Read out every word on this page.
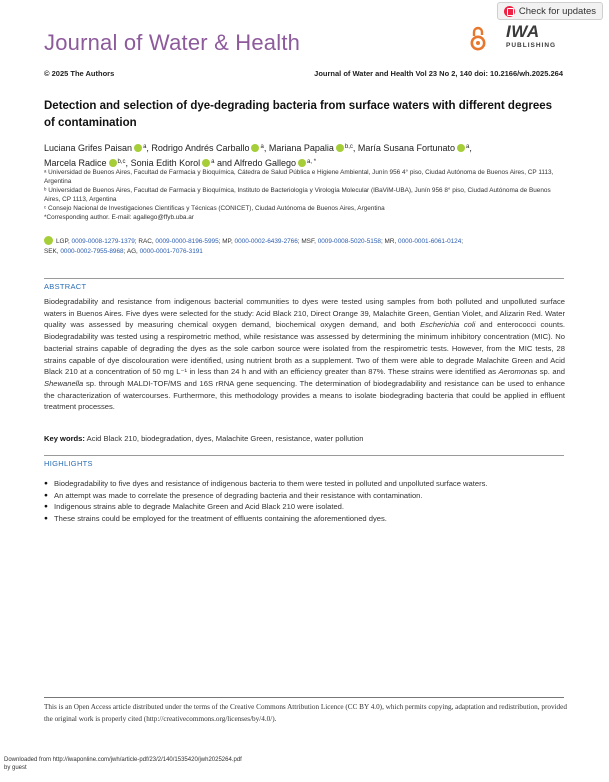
Check for updates
Journal of Water & Health	IWA
PUBLISHING
© 2025 The Authors	Journal of Water and Health Vol 23 No 2, 140 doi: 10.2166/wh.2025.264
Detection and selection of dye-degrading bacteria from surface waters with different degrees of contamination
Luciana Grifes Paisan $^a$, Rodrigo Andrés Carballo $^a$, Mariana Papalia $^{b,c}$, María Susana Fortunato $^a$,
Marcela Radice $^{b,c}$, Sonia Edith Korol $^a$ and Alfredo Gallego $^{a, *}$

ᵃ Universidad de Buenos Aires, Facultad de Farmacia y Bioquímica, Cátedra de Salud Pública e Higiene Ambiental, Junín 956 4° piso, Ciudad Autónoma de Buenos Aires, CP 1113, Argentina

ᵇ Universidad de Buenos Aires, Facultad de Farmacia y Bioquímica, Instituto de Bacteriología y Virología Molecular (IBaViM-UBA), Junín 956 8° piso, Ciudad Autónoma de Buenos Aires, CP 1113, Argentina

ᶜ Consejo Nacional de Investigaciones Científicas y Técnicas (CONICET), Ciudad Autónoma de Buenos Aires, Argentina

*Corresponding author. E-mail: agallego@ffyb.uba.ar

LGP, 0009-0008-1279-1379; RAC, 0009-0000-8196-5995; MP, 0000-0002-6439-2766; MSF, 0009-0008-5020-5158; MR, 0000-0001-6061-0124;
SEK, 0000-0002-7955-8968; AG, 0000-0001-7076-3191
ABSTRACT
Biodegradability and resistance from indigenous bacterial communities to dyes were tested using samples from both polluted and unpolluted surface waters in Buenos Aires. Five dyes were selected for the study: Acid Black 210, Direct Orange 39, Malachite Green, Gentian Violet, and Alizarin Red. Water quality was assessed by measuring chemical oxygen demand, biochemical oxygen demand, and both Escherichia coli and enterococci counts. Biodegradability was tested using a respirometric method, while resistance was assessed by determining the minimum inhibitory concentration (MIC). No bacterial strains capable of degrading the dyes as the sole carbon source were isolated from the respirometric tests. However, from the MIC tests, 28 strains capable of dye discolouration were identified, using nutrient broth as a supplement. Two of them were able to degrade Malachite Green and Acid Black 210 at a concentration of 50 mg L⁻¹ in less than 24 h and with an efficiency greater than 87%. These strains were identified as Aeromonas sp. and Shewanella sp. through MALDI-TOF/MS and 16S rRNA gene sequencing. The determination of biodegradability and resistance can be used to enhance the characterization of watercourses. Furthermore, this methodology provides a means to isolate biodegrading bacteria that could be applied in effluent treatment processes.
Key words: Acid Black 210, biodegradation, dyes, Malachite Green, resistance, water pollution
HIGHLIGHTS
● Biodegradability to five dyes and resistance of indigenous bacteria to them were tested in polluted and unpolluted surface waters.
● An attempt was made to correlate the presence of degrading bacteria and their resistance with contamination.
● Indigenous strains able to degrade Malachite Green and Acid Black 210 were isolated.
● These strains could be employed for the treatment of effluents containing the aforementioned dyes.
This is an Open Access article distributed under the terms of the Creative Commons Attribution Licence (CC BY 4.0), which permits copying, adaptation and redistribution, provided the original work is properly cited (http://creativecommons.org/licenses/by/4.0/).
Downloaded from http://iwaponline.com/jwh/article-pdf/23/2/140/1535420/jwh2025264.pdf
by guest
